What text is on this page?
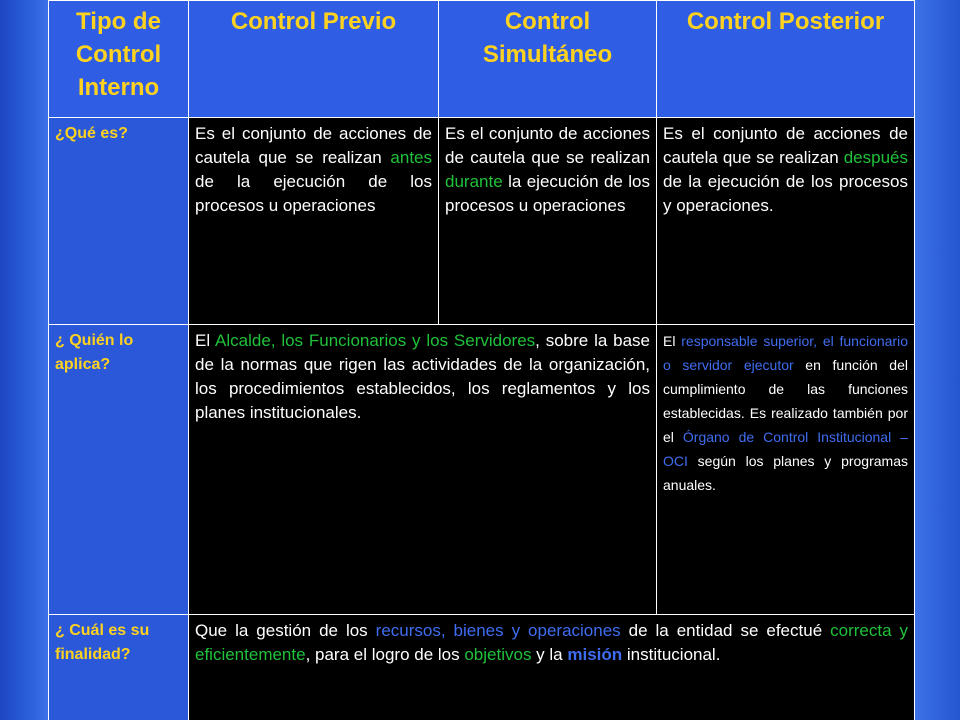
Tipo de Control Interno	Control Previo	Control Simultáneo	Control Posterior
¿Qué es?	Es el conjunto de acciones de cautela que se realizan antes de la ejecución de los procesos u operaciones	Es el conjunto de acciones de cautela que se realizan durante la ejecución de los procesos u operaciones	Es el conjunto de acciones de cautela que se realizan después de la ejecución de los procesos y operaciones.
¿ Quién lo aplica?	El Alcalde, los Funcionarios y los Servidores, sobre la base de la normas que rigen las actividades de la organización, los procedimientos establecidos, los reglamentos y los planes institucionales.		El responsable superior, el funcionario o servidor ejecutor en función del cumplimiento de las funciones establecidas. Es realizado también por el Órgano de Control Institucional – OCI según los planes y programas anuales.
¿ Cuál es su finalidad?	Que la gestión de los recursos, bienes y operaciones de la entidad se efectué correcta y eficientemente, para el logro de los objetivos y la misión institucional.		
